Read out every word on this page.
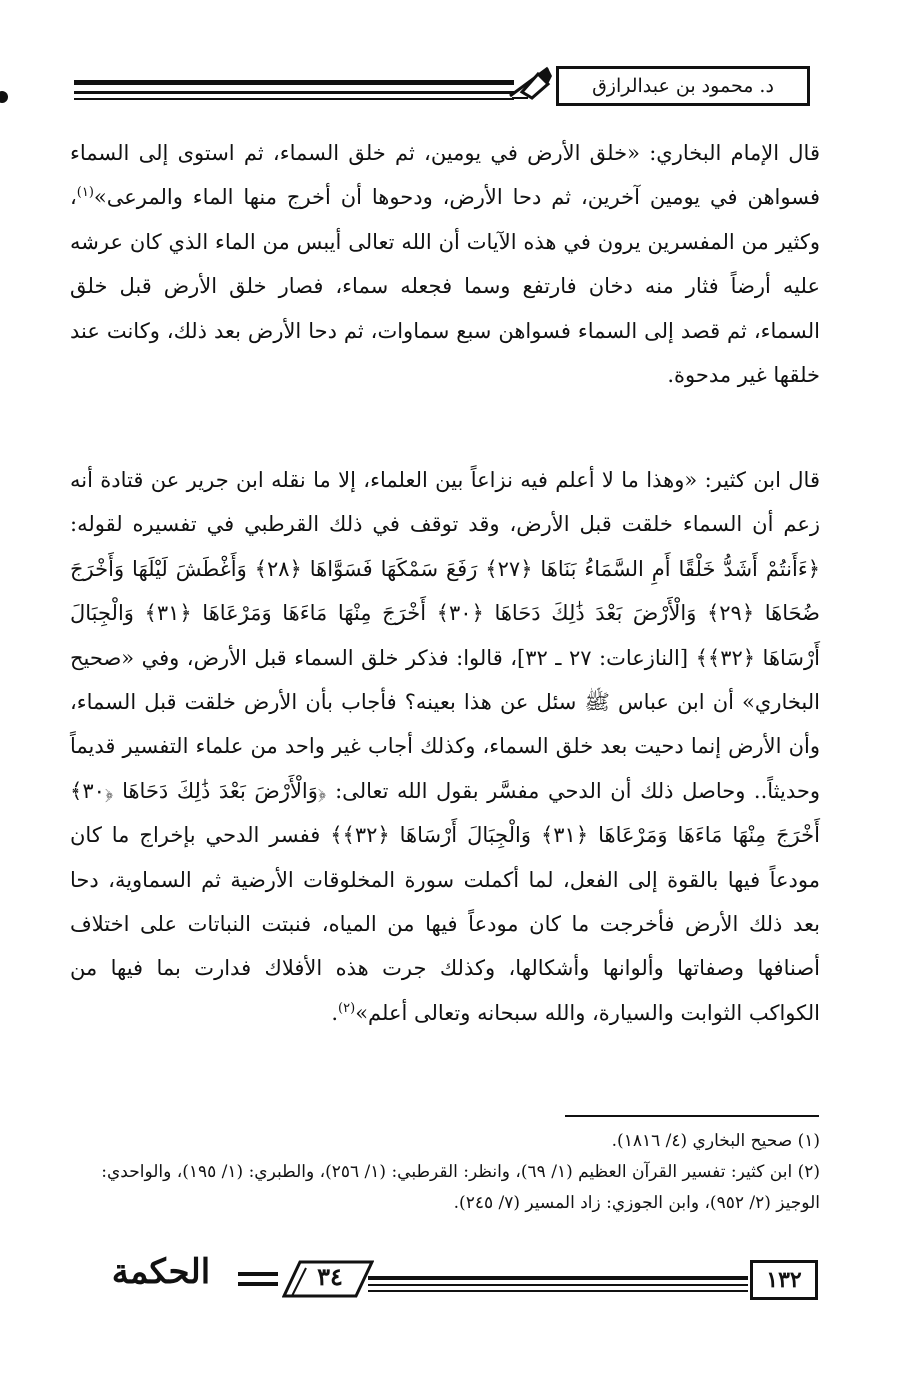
د. محمود بن عبدالرازق

قال الإمام البخاري: «خلق الأرض في يومين، ثم خلق السماء، ثم استوى إلى السماء فسواهن في يومين آخرين، ثم دحا الأرض، ودحوها أن أخرج منها الماء والمرعى»$^{(١)}$، وكثير من المفسرين يرون في هذه الآيات أن الله تعالى أيبس من الماء الذي كان عرشه عليه أرضاً فثار منه دخان فارتفع وسما فجعله سماء، فصار خلق الأرض قبل خلق السماء، ثم قصد إلى السماء فسواهن سبع سماوات، ثم دحا الأرض بعد ذلك، وكانت عند خلقها غير مدحوة.

قال ابن كثير: «وهذا ما لا أعلم فيه نزاعاً بين العلماء، إلا ما نقله ابن جرير عن قتادة أنه زعم أن السماء خلقت قبل الأرض، وقد توقف في ذلك القرطبي في تفسيره لقوله: ﴿ءَأَنتُمْ أَشَدُّ خَلْقًا أَمِ السَّمَاءُ بَنَاهَا ﴿٢٧﴾ رَفَعَ سَمْكَهَا فَسَوَّاهَا ﴿٢٨﴾ وَأَغْطَشَ لَيْلَهَا وَأَخْرَجَ ضُحَاهَا ﴿٢٩﴾ وَالْأَرْضَ بَعْدَ ذَٰلِكَ دَحَاهَا ﴿٣٠﴾ أَخْرَجَ مِنْهَا مَاءَهَا وَمَرْعَاهَا ﴿٣١﴾ وَالْجِبَالَ أَرْسَاهَا ﴿٣٢﴾﴾ [النازعات: ٢٧ ـ ٣٢]، قالوا: فذكر خلق السماء قبل الأرض، وفي «صحيح البخاري» أن ابن عباس ﷺ سئل عن هذا بعينه؟ فأجاب بأن الأرض خلقت قبل السماء، وأن الأرض إنما دحيت بعد خلق السماء، وكذلك أجاب غير واحد من علماء التفسير قديماً وحديثاً.. وحاصل ذلك أن الدحي مفسَّر بقول الله تعالى: ﴿وَالْأَرْضَ بَعْدَ ذَٰلِكَ دَحَاهَا ﴿٣٠﴾ أَخْرَجَ مِنْهَا مَاءَهَا وَمَرْعَاهَا ﴿٣١﴾ وَالْجِبَالَ أَرْسَاهَا ﴿٣٢﴾﴾ ففسر الدحي بإخراج ما كان مودعاً فيها بالقوة إلى الفعل، لما أكملت سورة المخلوقات الأرضية ثم السماوية، دحا بعد ذلك الأرض فأخرجت ما كان مودعاً فيها من المياه، فنبتت النباتات على اختلاف أصنافها وصفاتها وألوانها وأشكالها، وكذلك جرت هذه الأفلاك فدارت بما فيها من الكواكب الثوابت والسيارة، والله سبحانه وتعالى أعلم»$^{(٢)}$.

(١) صحيح البخاري (٤/ ١٨١٦).
(٢) ابن كثير: تفسير القرآن العظيم (١/ ٦٩)، وانظر: القرطبي: (١/ ٢٥٦)، والطبري: (١/ ١٩٥)، والواحدي: الوجيز (٢/ ٩٥٢)، وابن الجوزي: زاد المسير (٧/ ٢٤٥).
١٣٢
٣٤
الحكمة
